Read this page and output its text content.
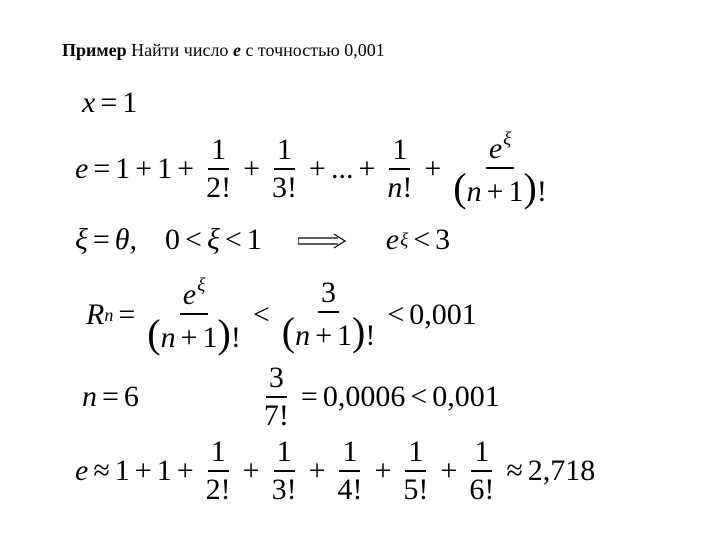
Пример Найти число e с точностью 0,001
x = 1
$e = 1 + 1 + \frac{1}{2!} + \frac{1}{3!}$ + ... + $\frac{1}{n!} + \frac{e^\xi}{(n + 1)!}$
ξ = θ , 0 < ξ < 1	e ξ < 3
R $n = \frac{e^\xi}{(n + 1)!} < \frac{3}{(n + 1)!} < 0,001$
n = 6	$\frac{3}{7!} = 0,0006 < 0,001$
$e \approx 1 + 1 + \frac{1}{2!} + \frac{1}{3!} + \frac{1}{4!} + \frac{1}{5!} + \frac{1}{6!} \approx 2,718$
